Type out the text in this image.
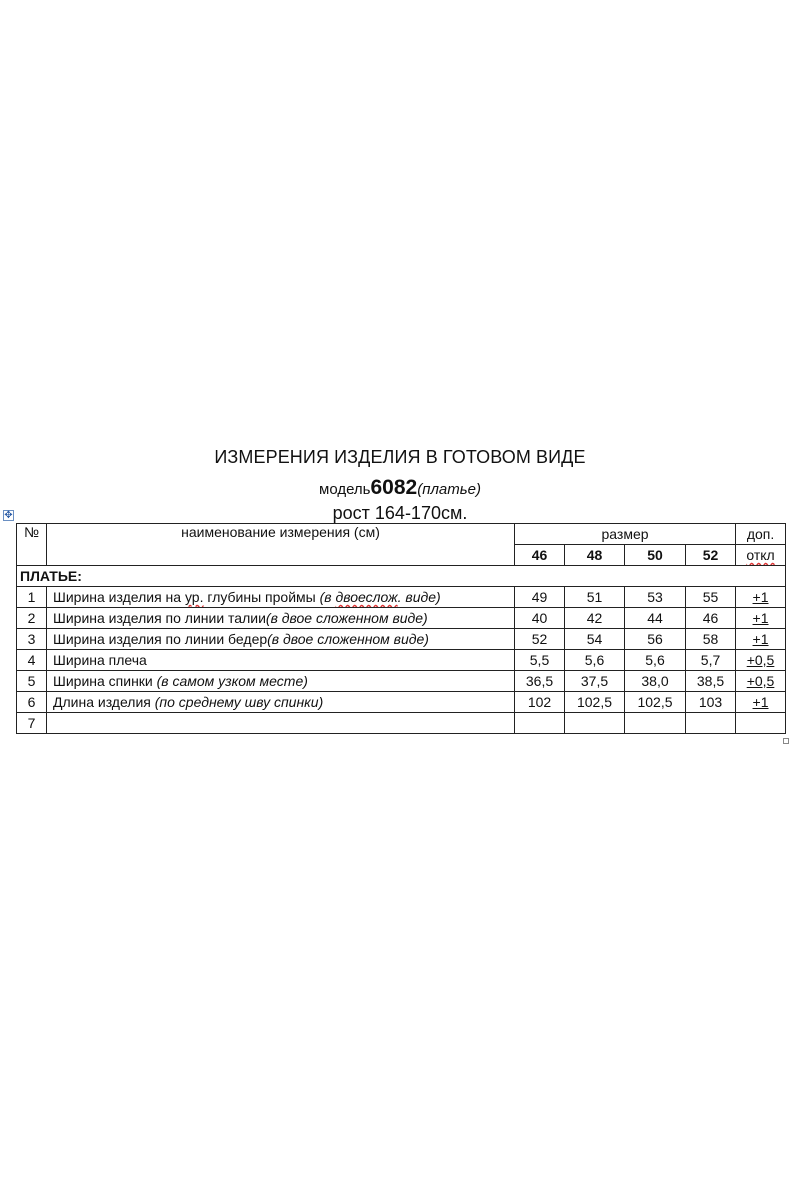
ИЗМЕРЕНИЯ ИЗДЕЛИЯ В ГОТОВОМ ВИДЕ
модель6082(платье)
рост 164-170см.
✥
№	наименование измерения (см)	размер				доп.
		46	48	50	52	откл
ПЛАТЬЕ:						
1	Ширина изделия на ур. глубины проймы (в двоеслож. виде)	49	51	53	55	+1
2	Ширина изделия по линии талии(в двое сложенном виде)	40	42	44	46	+1
3	Ширина изделия по линии бедер(в двое сложенном виде)	52	54	56	58	+1
4	Ширина плеча	5,5	5,6	5,6	5,7	+0,5
5	Ширина спинки (в самом узком месте)	36,5	37,5	38,0	38,5	+0,5
6	Длина изделия (по среднему шву спинки)	102	102,5	102,5	103	+1
7						
